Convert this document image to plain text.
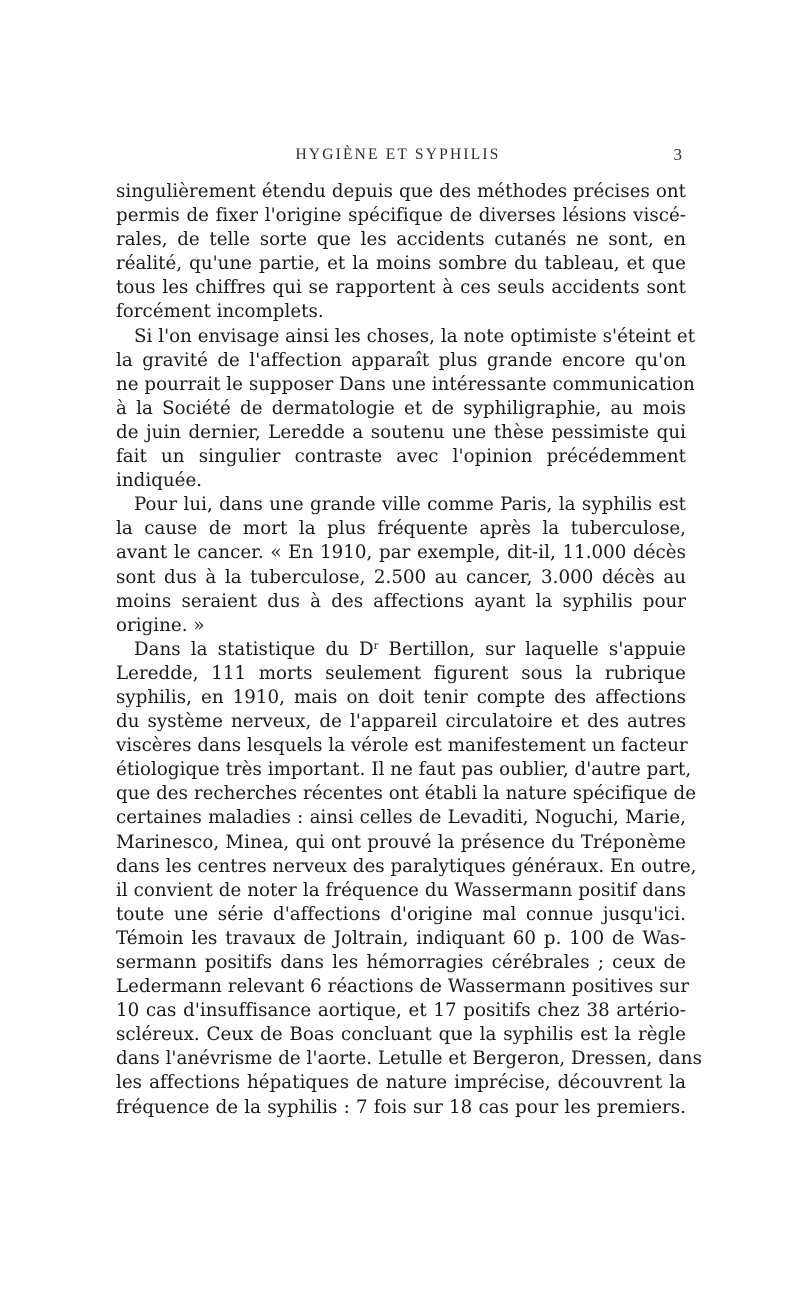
HYGIÈNE ET SYPHILIS	3
singulièrement étendu depuis que des méthodes précises ont
permis de fixer l'origine spécifique de diverses lésions viscé-
rales, de telle sorte que les accidents cutanés ne sont, en
réalité, qu'une partie, et la moins sombre du tableau, et que
tous les chiffres qui se rapportent à ces seuls accidents sont
forcément incomplets.
Si l'on envisage ainsi les choses, la note optimiste s'éteint et
la gravité de l'affection apparaît plus grande encore qu'on
ne pourrait le supposer Dans une intéressante communication
à la Société de dermatologie et de syphiligraphie, au mois
de juin dernier, Leredde a soutenu une thèse pessimiste qui
fait un singulier contraste avec l'opinion précédemment
indiquée.
Pour lui, dans une grande ville comme Paris, la syphilis est
la cause de mort la plus fréquente après la tuberculose,
avant le cancer. « En 1910, par exemple, dit-il, 11.000 décès
sont dus à la tuberculose, 2.500 au cancer, 3.000 décès au
moins seraient dus à des affections ayant la syphilis pour
origine. »
Dans la statistique du $D^r$ Bertillon, sur laquelle s'appuie
Leredde, 111 morts seulement figurent sous la rubrique
syphilis, en 1910, mais on doit tenir compte des affections
du système nerveux, de l'appareil circulatoire et des autres
viscères dans lesquels la vérole est manifestement un facteur
étiologique très important. Il ne faut pas oublier, d'autre part,
que des recherches récentes ont établi la nature spécifique de
certaines maladies : ainsi celles de Levaditi, Noguchi, Marie,
Marinesco, Minea, qui ont prouvé la présence du Tréponème
dans les centres nerveux des paralytiques généraux. En outre,
il convient de noter la fréquence du Wassermann positif dans
toute une série d'affections d'origine mal connue jusqu'ici.
Témoin les travaux de Joltrain, indiquant 60 p. 100 de Was-
sermann positifs dans les hémorragies cérébrales ; ceux de
Ledermann relevant 6 réactions de Wassermann positives sur
10 cas d'insuffisance aortique, et 17 positifs chez 38 artério-
scléreux. Ceux de Boas concluant que la syphilis est la règle
dans l'anévrisme de l'aorte. Letulle et Bergeron, Dressen, dans
les affections hépatiques de nature imprécise, découvrent la
fréquence de la syphilis : 7 fois sur 18 cas pour les premiers.
